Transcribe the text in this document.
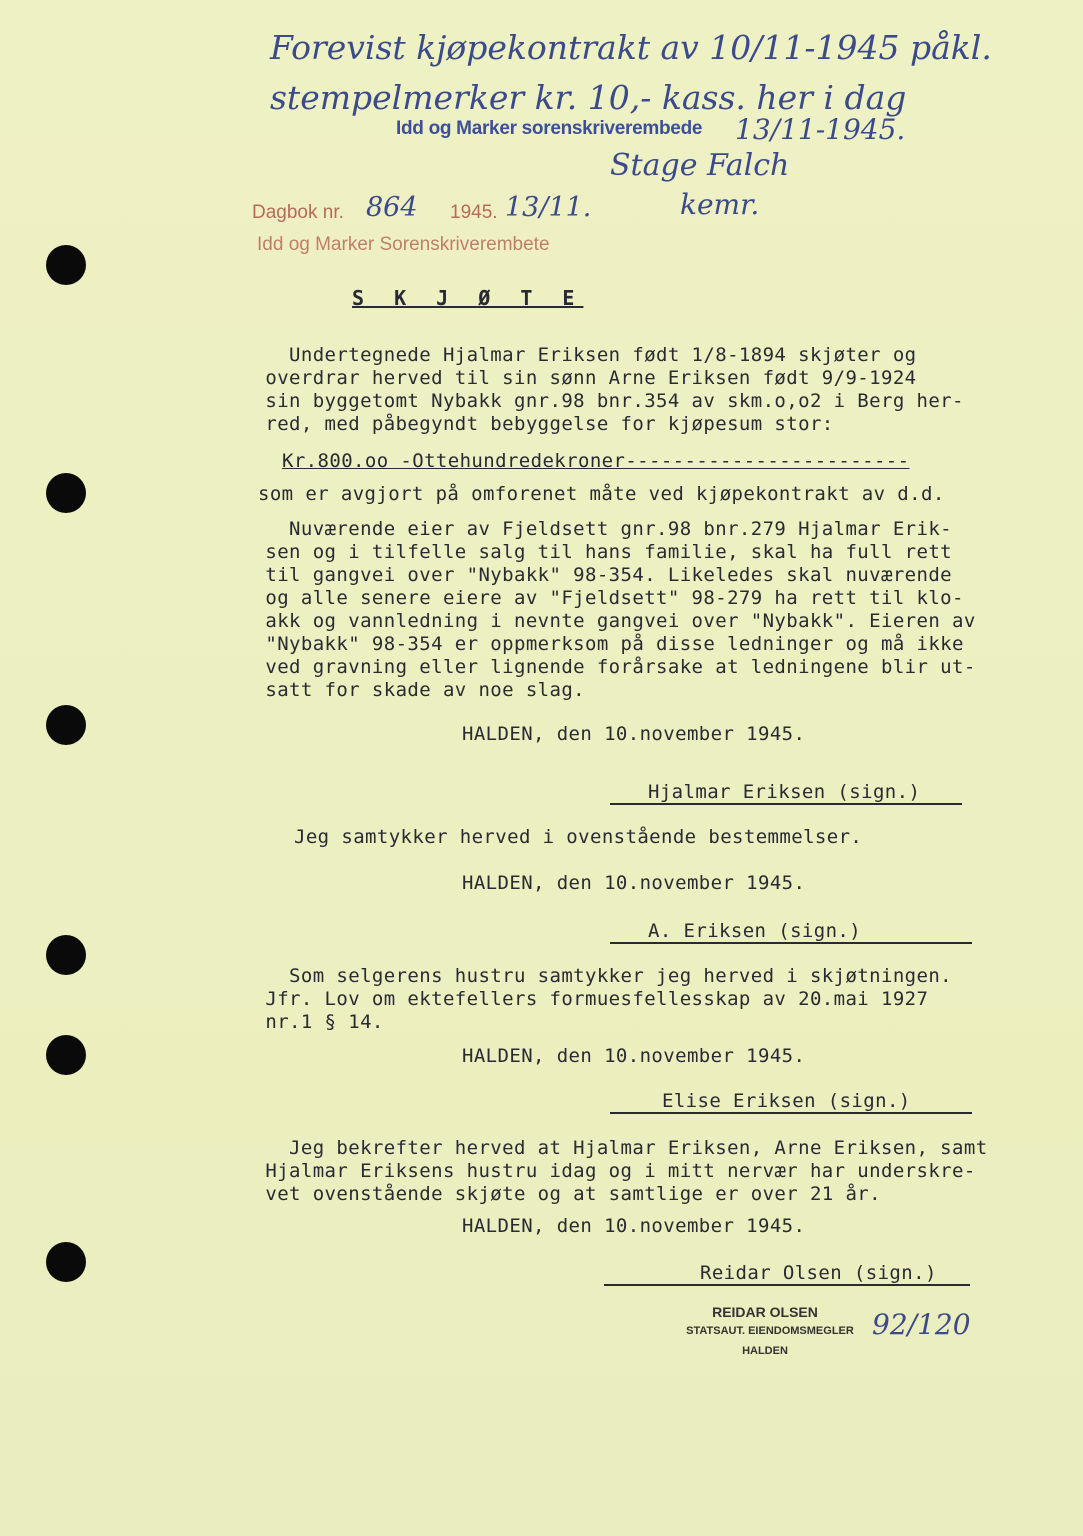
Forevist kjøpekontrakt av 10/11-1945 påkl.
stempelmerker kr. 10,- kass. her i dag
Idd og Marker sorenskriverembede 13/11-1945.
Stage Falch
kemr.
Dagbok nr. 864 1945. 13/11.
Idd og Marker Sorenskriverembete
S K J Ø T E
Undertegnede Hjalmar Eriksen født 1/8-1894 skjøter og
overdrar herved til sin sønn Arne Eriksen født 9/9-1924
sin byggetomt Nybakk gnr.98 bnr.354 av skm.o,o2 i Berg her-
red, med påbegyndt bebyggelse for kjøpesum stor:
Kr.800.oo -Ottehundredekroner------------------------
som er avgjort på omforenet måte ved kjøpekontrakt av d.d.
Nuværende eier av Fjeldsett gnr.98 bnr.279 Hjalmar Erik-
sen og i tilfelle salg til hans familie, skal ha full rett
til gangvei over "Nybakk" 98-354. Likeledes skal nuværende
og alle senere eiere av "Fjeldsett" 98-279 ha rett til klo-
akk og vannledning i nevnte gangvei over "Nybakk". Eieren av
"Nybakk" 98-354 er oppmerksom på disse ledninger og må ikke
ved gravning eller lignende forårsake at ledningene blir ut-
satt for skade av noe slag.
HALDEN, den 10.november 1945.
Hjalmar Eriksen (sign.)
Jeg samtykker herved i ovenstående bestemmelser.
HALDEN, den 10.november 1945.
A. Eriksen (sign.)
Som selgerens hustru samtykker jeg herved i skjøtningen.
Jfr. Lov om ektefellers formuesfellesskap av 20.mai 1927
nr.1 § 14.
HALDEN, den 10.november 1945.
Elise Eriksen (sign.)
Jeg bekrefter herved at Hjalmar Eriksen, Arne Eriksen, samt
Hjalmar Eriksens hustru idag og i mitt nervær har underskre-
vet ovenstående skjøte og at samtlige er over 21 år.
HALDEN, den 10.november 1945.
Reidar Olsen (sign.)
REIDAR OLSEN
STATSAUT. EIENDOMSMEGLER
HALDEN
92/120
